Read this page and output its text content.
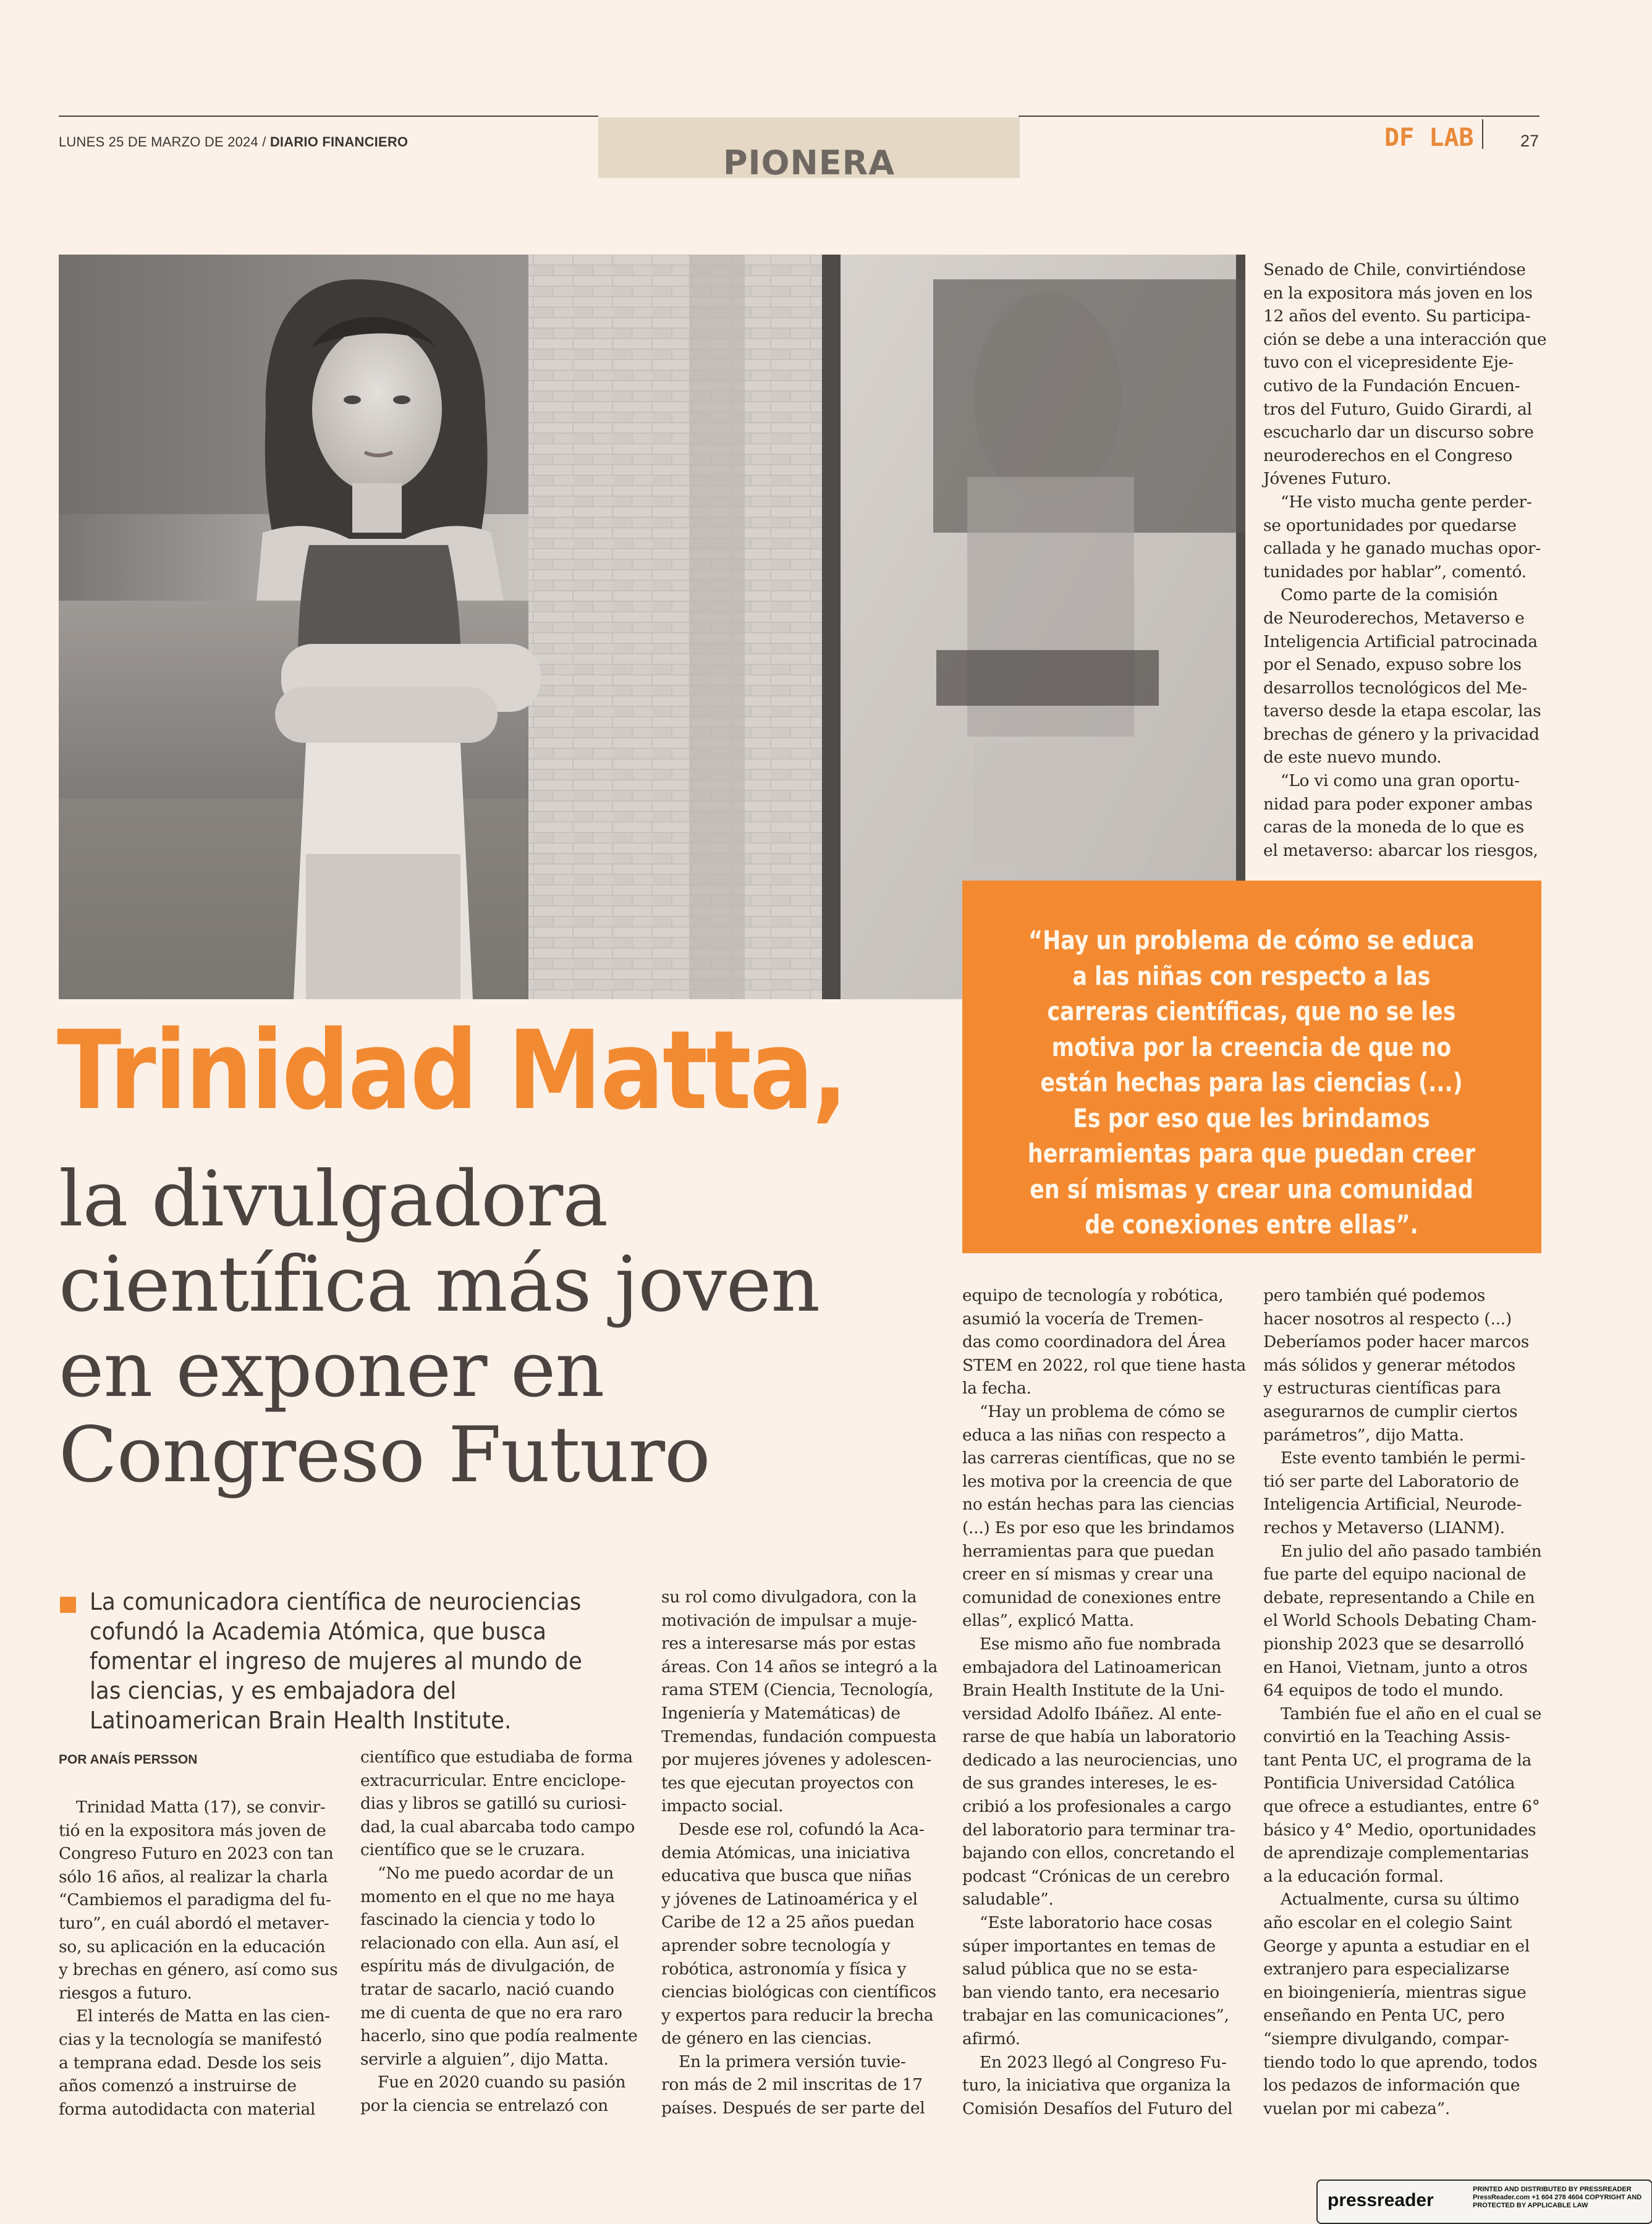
LUNES 25 DE MARZO DE 2024 / DIARIO FINANCIERO
PIONERA
DF LAB	27
“Hay un problema de cómo se educa a las niñas con respecto a las carreras científicas, que no se les motiva por la creencia de que no están hechas para las ciencias (...) Es por eso que les brindamos herramientas para que puedan creer en sí mismas y crear una comunidad de conexiones entre ellas”.
Trinidad Matta,
la divulgadora
científica más joven
en exponer en
Congreso Futuro
La comunicadora científica de neurociencias cofundó la Academia Atómica, que busca fomentar el ingreso de mujeres al mundo de las ciencias, y es embajadora del Latinoamerican Brain Health Institute.
POR ANAÍS PERSSON

Trinidad Matta (17), se convir-

tió en la expositora más joven de

Congreso Futuro en 2023 con tan

sólo 16 años, al realizar la charla

“Cambiemos el paradigma del fu-

turo”, en cuál abordó el metaver-

so, su aplicación en la educación

y brechas en género, así como sus

riesgos a futuro.

El interés de Matta en las cien-

cias y la tecnología se manifestó

a temprana edad. Desde los seis

años comenzó a instruirse de

forma autodidacta con material

científico que estudiaba de forma

extracurricular. Entre enciclope-

dias y libros se gatilló su curiosi-

dad, la cual abarcaba todo campo

científico que se le cruzara.

“No me puedo acordar de un

momento en el que no me haya

fascinado la ciencia y todo lo

relacionado con ella. Aun así, el

espíritu más de divulgación, de

tratar de sacarlo, nació cuando

me di cuenta de que no era raro

hacerlo, sino que podía realmente

servirle a alguien”, dijo Matta.

Fue en 2020 cuando su pasión

por la ciencia se entrelazó con

su rol como divulgadora, con la

motivación de impulsar a muje-

res a interesarse más por estas

áreas. Con 14 años se integró a la

rama STEM (Ciencia, Tecnología,

Ingeniería y Matemáticas) de

Tremendas, fundación compuesta

por mujeres jóvenes y adolescen-

tes que ejecutan proyectos con

impacto social.

Desde ese rol, cofundó la Aca-

demia Atómicas, una iniciativa

educativa que busca que niñas

y jóvenes de Latinoamérica y el

Caribe de 12 a 25 años puedan

aprender sobre tecnología y

robótica, astronomía y física y

ciencias biológicas con científicos

y expertos para reducir la brecha

de género en las ciencias.

En la primera versión tuvie-

ron más de 2 mil inscritas de 17

países. Después de ser parte del

equipo de tecnología y robótica,

asumió la vocería de Tremen-

das como coordinadora del Área

STEM en 2022, rol que tiene hasta

la fecha.

“Hay un problema de cómo se

educa a las niñas con respecto a

las carreras científicas, que no se

les motiva por la creencia de que

no están hechas para las ciencias

(...) Es por eso que les brindamos

herramientas para que puedan

creer en sí mismas y crear una

comunidad de conexiones entre

ellas”, explicó Matta.

Ese mismo año fue nombrada

embajadora del Latinoamerican

Brain Health Institute de la Uni-

versidad Adolfo Ibáñez. Al ente-

rarse de que había un laboratorio

dedicado a las neurociencias, uno

de sus grandes intereses, le es-

cribió a los profesionales a cargo

del laboratorio para terminar tra-

bajando con ellos, concretando el

podcast “Crónicas de un cerebro

saludable”.

“Este laboratorio hace cosas

súper importantes en temas de

salud pública que no se esta-

ban viendo tanto, era necesario

trabajar en las comunicaciones”,

afirmó.

En 2023 llegó al Congreso Fu-

turo, la iniciativa que organiza la

Comisión Desafíos del Futuro del

Senado de Chile, convirtiéndose

en la expositora más joven en los

12 años del evento. Su participa-

ción se debe a una interacción que

tuvo con el vicepresidente Eje-

cutivo de la Fundación Encuen-

tros del Futuro, Guido Girardi, al

escucharlo dar un discurso sobre

neuroderechos en el Congreso

Jóvenes Futuro.

“He visto mucha gente perder-

se oportunidades por quedarse

callada y he ganado muchas opor-

tunidades por hablar”, comentó.

Como parte de la comisión

de Neuroderechos, Metaverso e

Inteligencia Artificial patrocinada

por el Senado, expuso sobre los

desarrollos tecnológicos del Me-

taverso desde la etapa escolar, las

brechas de género y la privacidad

de este nuevo mundo.

“Lo vi como una gran oportu-

nidad para poder exponer ambas

caras de la moneda de lo que es

el metaverso: abarcar los riesgos,

pero también qué podemos

hacer nosotros al respecto (...)

Deberíamos poder hacer marcos

más sólidos y generar métodos

y estructuras científicas para

asegurarnos de cumplir ciertos

parámetros”, dijo Matta.

Este evento también le permi-

tió ser parte del Laboratorio de

Inteligencia Artificial, Neurode-

rechos y Metaverso (LIANM).

En julio del año pasado también

fue parte del equipo nacional de

debate, representando a Chile en

el World Schools Debating Cham-

pionship 2023 que se desarrolló

en Hanoi, Vietnam, junto a otros

64 equipos de todo el mundo.

También fue el año en el cual se

convirtió en la Teaching Assis-

tant Penta UC, el programa de la

Pontificia Universidad Católica

que ofrece a estudiantes, entre 6°

básico y 4° Medio, oportunidades

de aprendizaje complementarias

a la educación formal.

Actualmente, cursa su último

año escolar en el colegio Saint

George y apunta a estudiar en el

extranjero para especializarse

en bioingeniería, mientras sigue

enseñando en Penta UC, pero

“siempre divulgando, compar-

tiendo todo lo que aprendo, todos

los pedazos de información que

vuelan por mi cabeza”.

pressreader
PRINTED AND DISTRIBUTED BY PRESSREADER PressReader.com +1 604 278 4604 COPYRIGHT AND PROTECTED BY APPLICABLE LAW
